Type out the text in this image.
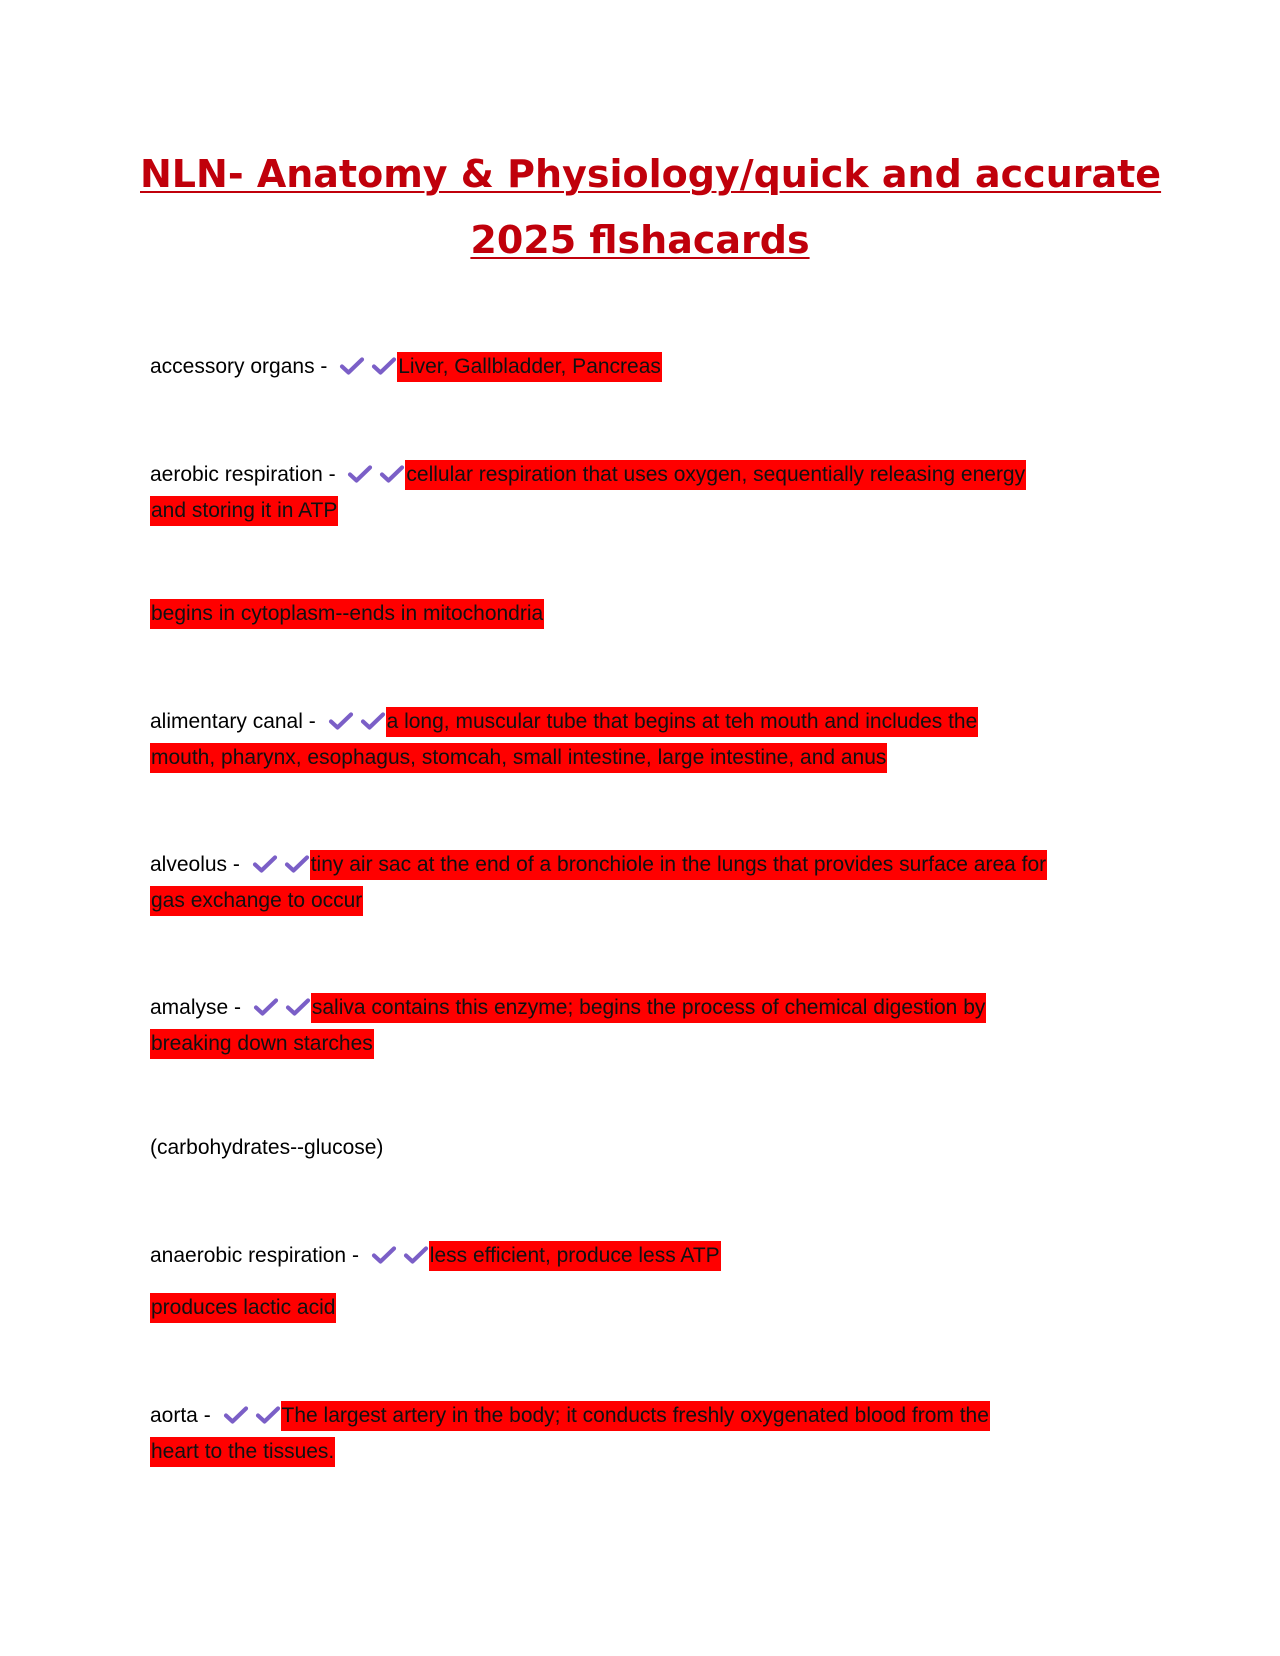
NLN- Anatomy & Physiology/quick and accurate
2025 flshacards
accessory organs -	Liver, Gallbladder, Pancreas
aerobic respiration -	cellular respiration that uses oxygen, sequentially releasing energy
and storing it in ATP
begins in cytoplasm--ends in mitochondria
alimentary canal -	a long, muscular tube that begins at teh mouth and includes the
mouth, pharynx, esophagus, stomcah, small intestine, large intestine, and anus
alveolus -	tiny air sac at the end of a bronchiole in the lungs that provides surface area for
gas exchange to occur
amalyse -	saliva contains this enzyme; begins the process of chemical digestion by
breaking down starches
(carbohydrates--glucose)
anaerobic respiration -	less efficient, produce less ATP
produces lactic acid
aorta -	The largest artery in the body; it conducts freshly oxygenated blood from the
heart to the tissues.
